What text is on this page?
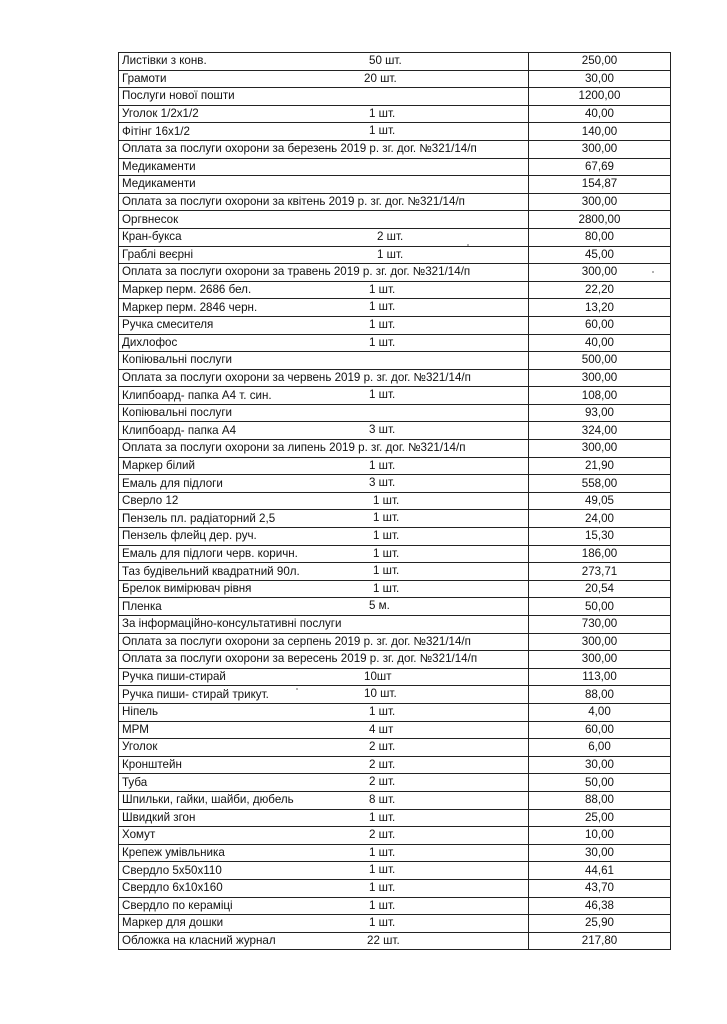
Листівки з конв. 50 шт.	250,00
Грамоти 20 шт.	30,00
Послуги нової пошти	1200,00
Уголок 1/2х1/2 1 шт.	40,00
Фітінг 16х1/2 1 шт.	140,00
Оплата за послуги охорони за березень 2019 р. зг. дог. №321/14/п	300,00
Медикаменти	67,69
Медикаменти	154,87
Оплата за послуги охорони за квітень 2019 р. зг. дог. №321/14/п	300,00
Оргвнесок	2800,00
Кран-букса 2 шт.	80,00
Граблі веєрні 1 шт.	45,00
Оплата за послуги охорони за травень 2019 р. зг. дог. №321/14/п	300,00
Маркер перм. 2686 бел. 1 шт.	22,20
Маркер перм. 2846 черн. 1 шт.	13,20
Ручка смесителя 1 шт.	60,00
Дихлофос 1 шт.	40,00
Копіювальні послуги	500,00
Оплата за послуги охорони за червень 2019 р. зг. дог. №321/14/п	300,00
Клипбоард- папка А4 т. син. 1 шт.	108,00
Копіювальні послуги	93,00
Клипбоард- папка А4 3 шт.	324,00
Оплата за послуги охорони за липень 2019 р. зг. дог. №321/14/п	300,00
Маркер білий 1 шт.	21,90
Емаль для підлоги 3 шт.	558,00
Сверло 12 1 шт.	49,05
Пензель пл. радіаторний 2,5 1 шт.	24,00
Пензель флейц дер. руч. 1 шт.	15,30
Емаль для підлоги черв. коричн. 1 шт.	186,00
Таз будівельний квадратний 90л. 1 шт.	273,71
Брелок вимірювач рівня 1 шт.	20,54
Пленка 5 м.	50,00
За інформаційно-консультативні послуги	730,00
Оплата за послуги охорони за серпень 2019 р. зг. дог. №321/14/п	300,00
Оплата за послуги охорони за вересень 2019 р. зг. дог. №321/14/п	300,00
Ручка пиши-стирай 10шт	113,00
Ручка пиши- стирай трикут. 10 шт.	88,00
Ніпель 1 шт.	4,00
МРМ 4 шт	60,00
Уголок 2 шт.	6,00
Кронштейн 2 шт.	30,00
Туба 2 шт.	50,00
Шпильки, гайки, шайби, дюбель 8 шт.	88,00
Швидкий згон 1 шт.	25,00
Хомут 2 шт.	10,00
Крепеж умівльника 1 шт.	30,00
Свердло 5х50х110 1 шт.	44,61
Свердло 6х10х160 1 шт.	43,70
Свердло по кераміці 1 шт.	46,38
Маркер для дошки 1 шт.	25,90
Обложка на класний журнал 22 шт.	217,80
